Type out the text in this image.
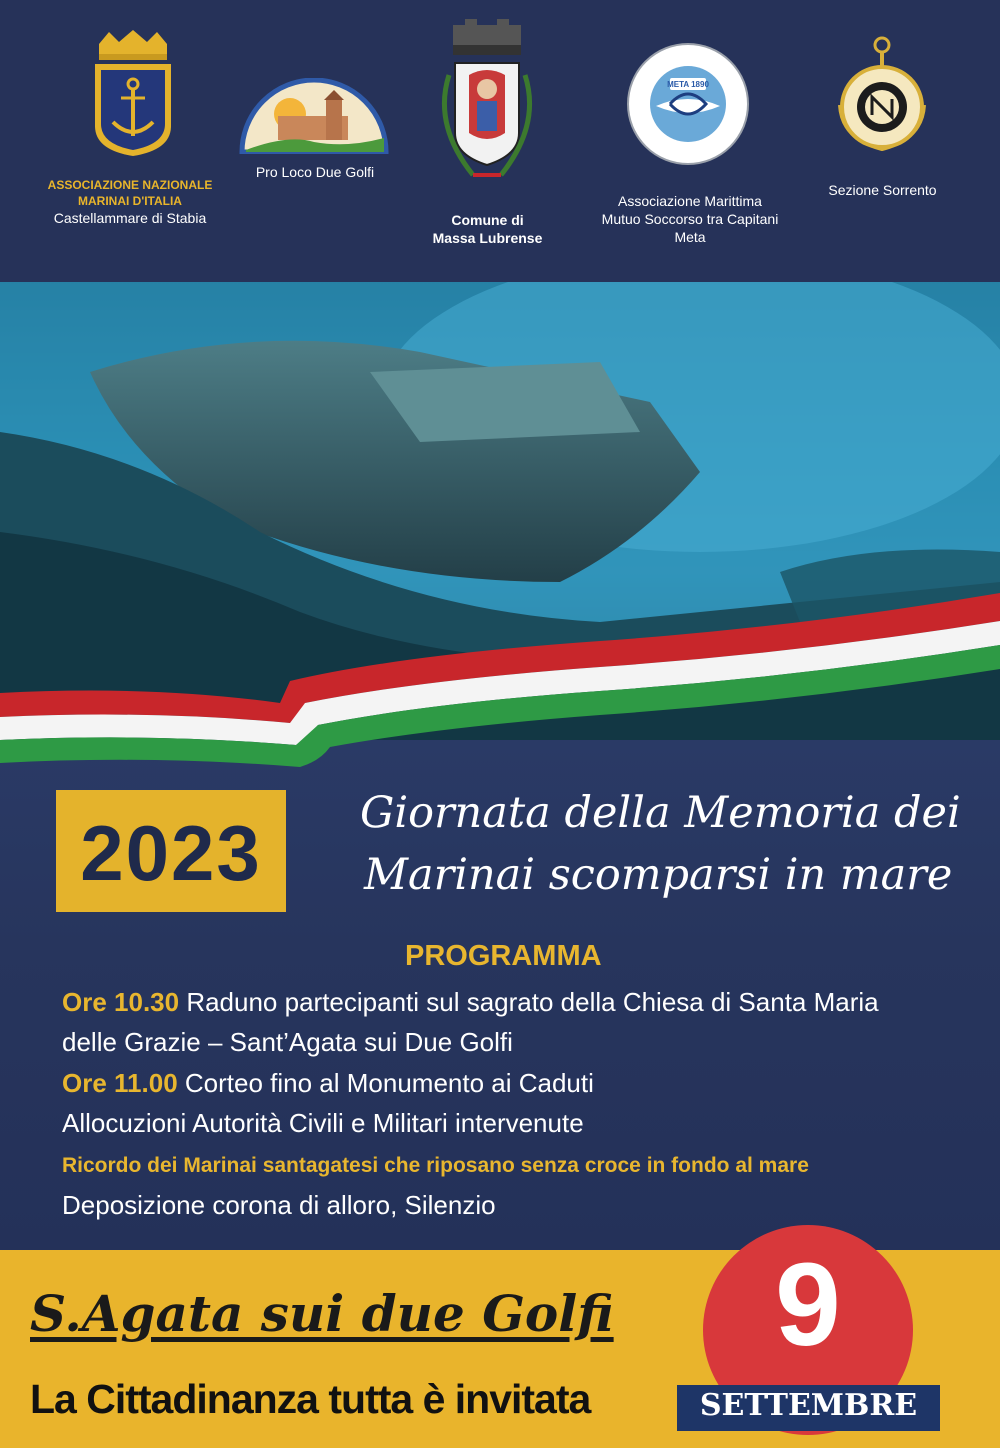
ASSOCIAZIONE NAZIONALE
MARINAI D'ITALIA
Castellammare di Stabia
Pro Loco Due Golfi
Comune di
Massa Lubrense
META 1890
Associazione Marittima
Mutuo Soccorso tra Capitani
Meta
Sezione Sorrento
2023	Giornata della Memoria dei
Marinai scomparsi in mare
PROGRAMMA
Ore 10.30 Raduno partecipanti sul sagrato della Chiesa di Santa Maria
delle Grazie – Sant’Agata sui Due Golfi
Ore 11.00 Corteo fino al Monumento ai Caduti
Allocuzioni Autorità Civili e Militari intervenute
Ricordo dei Marinai santagatesi che riposano senza croce in fondo al mare
Deposizione corona di alloro, Silenzio
S.Agata sui due Golfi
La Cittadinanza tutta è invitata
9
SETTEMBRE
